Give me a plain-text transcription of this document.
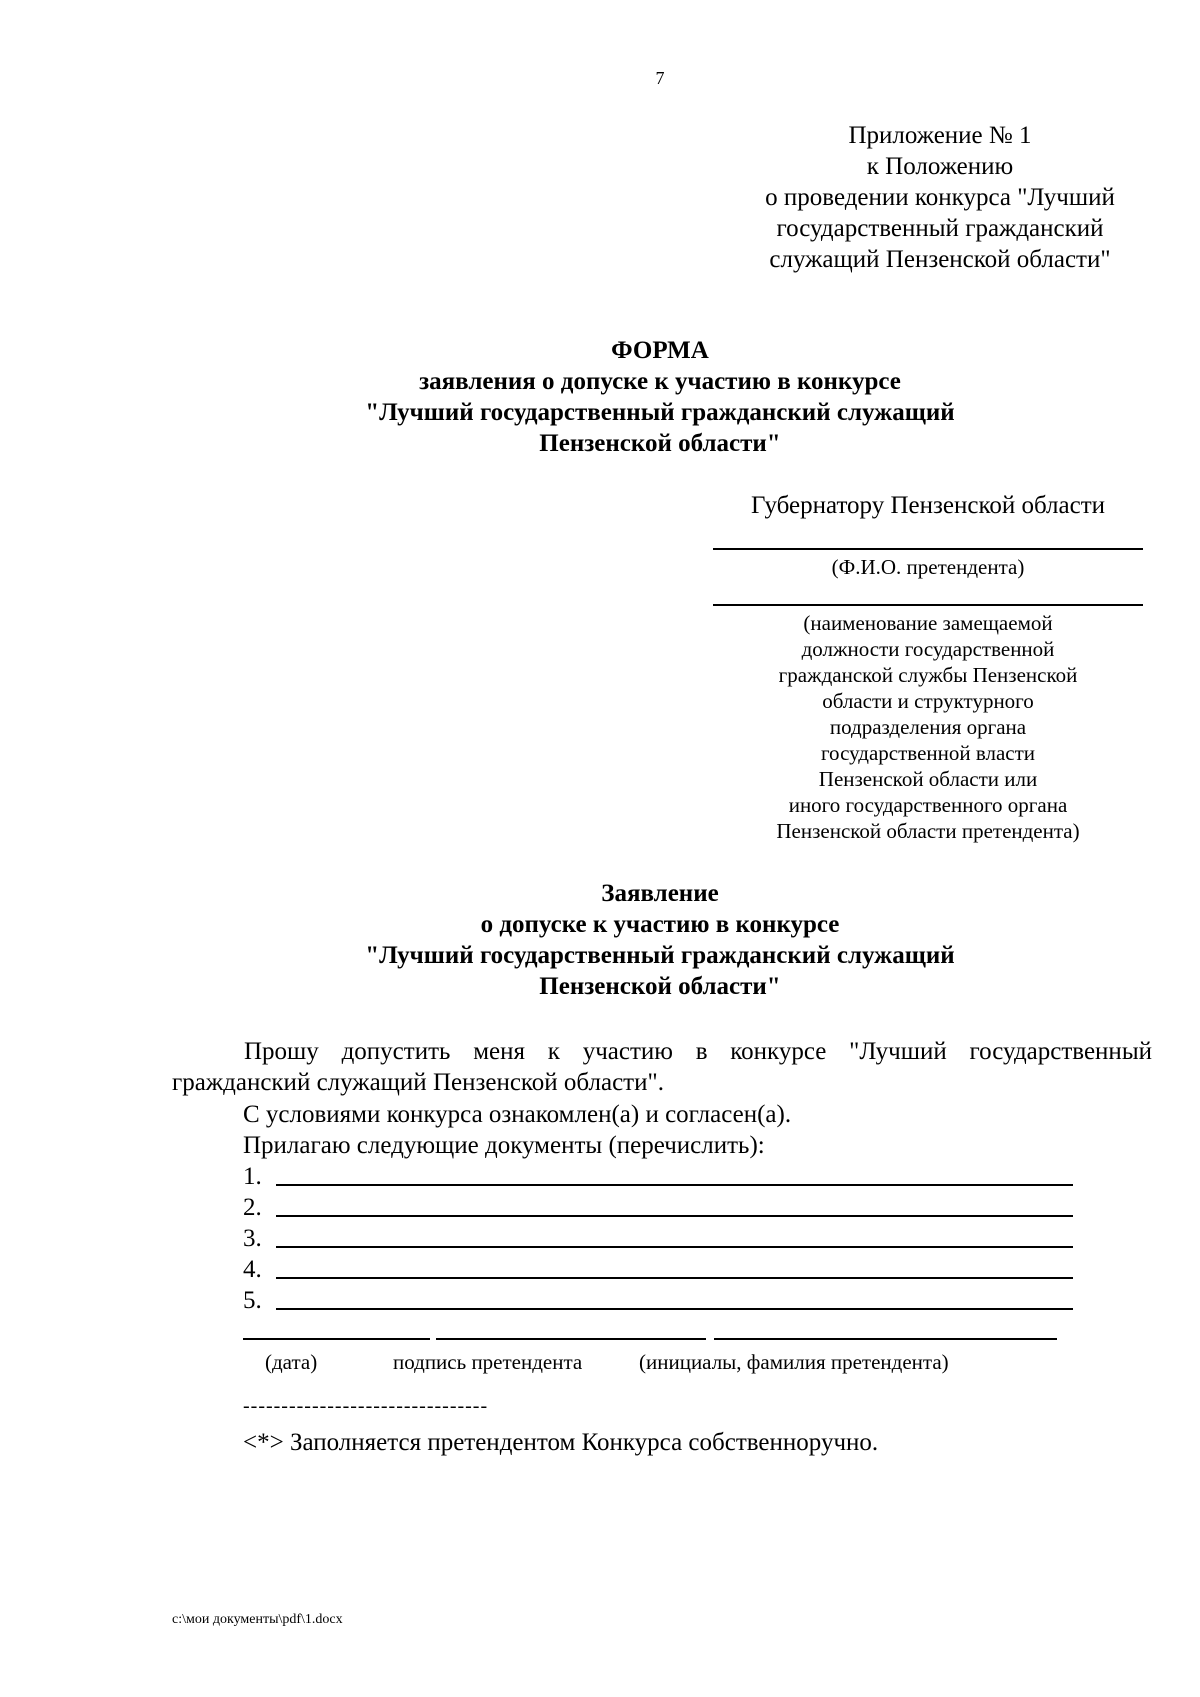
7
Приложение № 1
к Положению
о проведении конкурса "Лучший
государственный гражданский
служащий Пензенской области"
ФОРМА
заявления о допуске к участию в конкурсе
"Лучший государственный гражданский служащий
Пензенской области"
Губернатору Пензенской области
(Ф.И.О. претендента)
(наименование замещаемой
должности государственной
гражданской службы Пензенской
области и структурного
подразделения органа
государственной власти
Пензенской области или
иного государственного органа
Пензенской области претендента)
Заявление
о допуске к участию в конкурсе
"Лучший государственный гражданский служащий
Пензенской области"
Прошу допустить меня к участию в конкурсе "Лучший государственный гражданский служащий Пензенской области".
С условиями конкурса ознакомлен(а) и согласен(а).
Прилагаю следующие документы (перечислить):
1.
2.
3.
4.
5.
(дата)	подпись претендента	(инициалы, фамилия претендента)
--------------------------------
<*> Заполняется претендентом Конкурса собственноручно.
c:\мои документы\pdf\1.docx
